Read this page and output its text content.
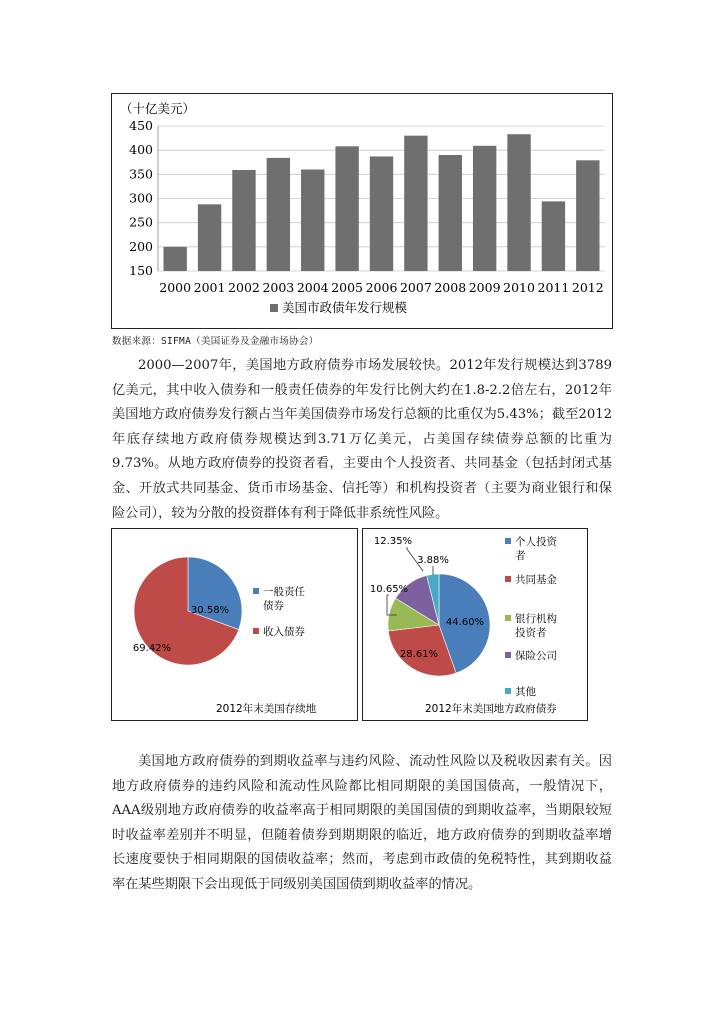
（十亿美元）
150
200
250
300
350
400
450
2000 2001 2002 2003 2004 2005 2006 2007 2008 2009 2010 2011 2012
美国市政债年发行规模
数据来源：SIFMA（美国证券及金融市场协会）

2000—2007年，美国地方政府债券市场发展较快。2012年发行规模达到3789亿美元，其中收入债券和一般责任债券的年发行比例大约在1.8-2.2倍左右，2012年美国地方政府债券发行额占当年美国债券市场发行总额的比重仅为5.43%；截至2012年底存续地方政府债券规模达到3.71万亿美元，占美国存续债券总额的比重为9.73%。从地方政府债券的投资者看，主要由个人投资者、共同基金（包括封闭式基金、开放式共同基金、货币市场基金、信托等）和机构投资者（主要为商业银行和保险公司），较为分散的投资群体有利于降低非系统性风险。

30.58%
69.42%
一般责任
债券
收入债券
2012年末美国存续地
44.60%
28.61%
10.65%
12.35%
3.88%
个人投资
者
共同基金
银行机构
投资者
保险公司
其他
2012年末美国地方政府债券

美国地方政府债券的到期收益率与违约风险、流动性风险以及税收因素有关。因地方政府债券的违约风险和流动性风险都比相同期限的美国国债高，一般情况下，AAA级别地方政府债券的收益率高于相同期限的美国国债的到期收益率，当期限较短时收益率差别并不明显，但随着债券到期期限的临近，地方政府债券的到期收益率增长速度要快于相同期限的国债收益率；然而，考虑到市政债的免税特性，其到期收益率在某些期限下会出现低于同级别美国国债到期收益率的情况。
